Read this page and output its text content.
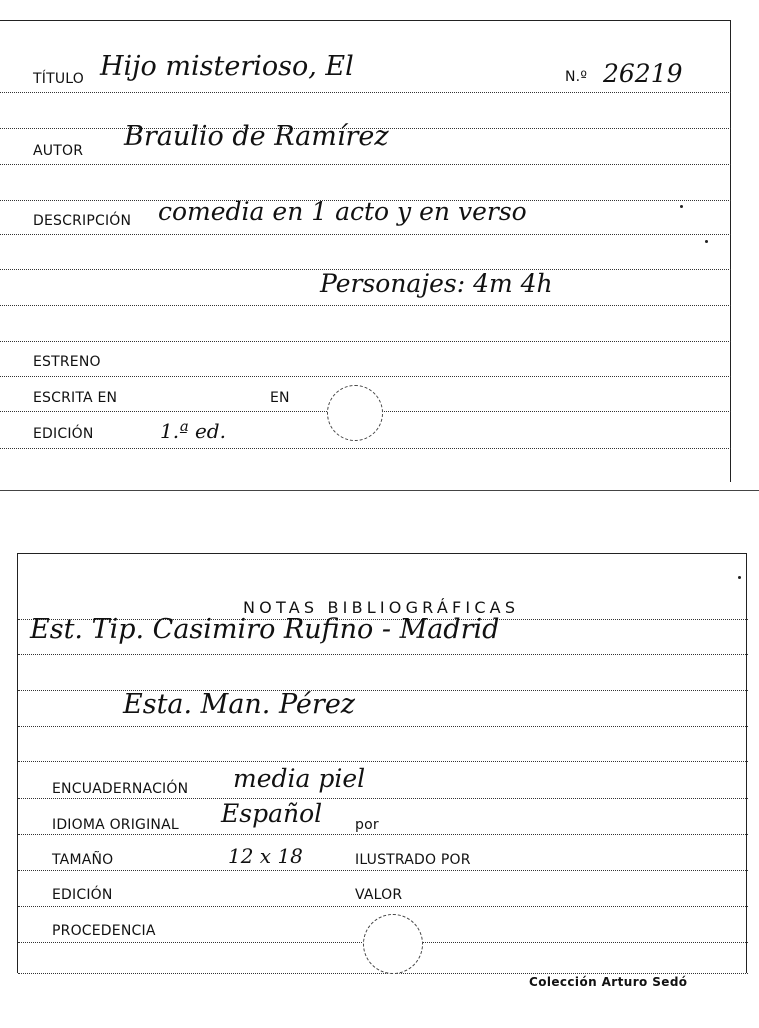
TÍTULO Hijo misterioso, El	N.º 26219
AUTOR Braulio de Ramírez
DESCRIPCIÓN comedia en 1 acto y en verso
Personajes: 4m 4h
ESTRENO
ESCRITA EN	EN
EDICIÓN	1.ª ed.
NOTAS BIBLIOGRÁFICAS
Est. Tip. Casimiro Rufino - Madrid
Esta. Man. Pérez
ENCUADERNACIÓN media piel
IDIOMA ORIGINAL Español por
TAMAÑO	12 x 18	ILUSTRADO POR
EDICIÓN	VALOR
PROCEDENCIA
Colección Arturo Sedó
